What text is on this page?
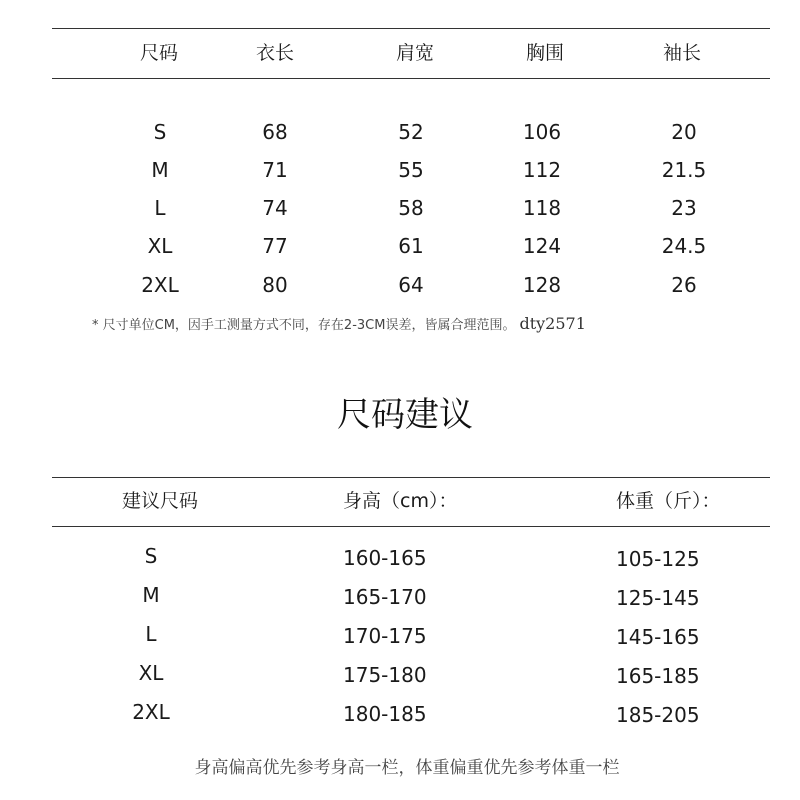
尺码	衣长	肩宽	胸围	袖长
S	68	52	106	20
M	71	55	112	21.5
L	74	58	118	23
XL	77	61	124	24.5
2XL	80	64	128	26
* 尺寸单位CM，因手工测量方式不同，存在2-3CM误差，皆属合理范围。 dty2571
尺码建议
建议尺码	身高（cm）：	体重（斤）：
S	160-165	105-125
M	165-170	125-145
L	170-175	145-165
XL	175-180	165-185
2XL	180-185	185-205
身高偏高优先参考身高一栏，体重偏重优先参考体重一栏
